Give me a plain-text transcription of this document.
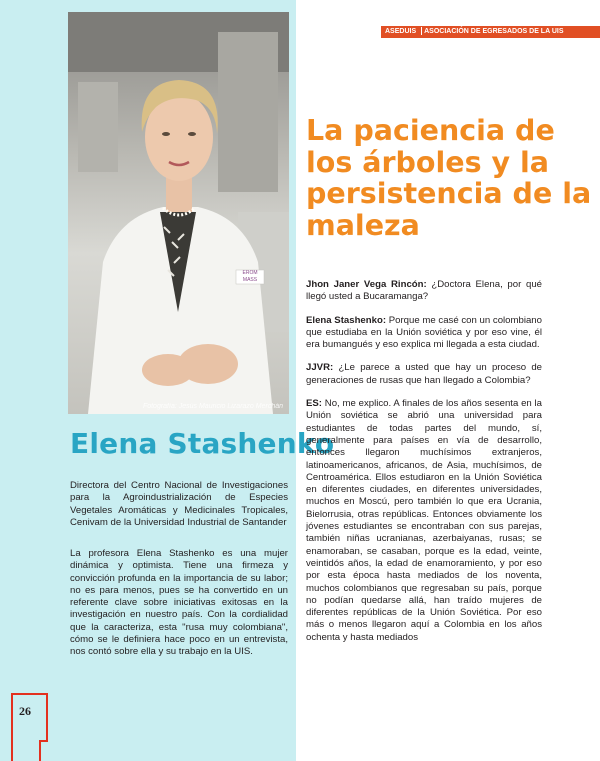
EROM MASS
Fotografía: Jesús Mauricio Lizarazo Merchán
Elena Stashenko
Directora del Centro Nacional de Investigaciones para la Agroindustrialización de Especies Vegetales Aromáticas y Medicinales Tropicales, Cenivam de la Universidad Industrial de Santander

La profesora Elena Stashenko es una mujer dinámica y optimista. Tiene una firmeza y convicción profunda en la importancia de su labor; no es para menos, pues se ha convertido en un referente clave sobre iniciativas exitosas en la investigación en nuestro país. Con la cordialidad que la caracteriza, esta "rusa muy colombiana", cómo se le definiera hace poco en un entrevista, nos contó sobre ella y su trabajo en la UIS.

ASEDUIS ASOCIACIÓN DE EGRESADOS DE LA UIS
La paciencia de los árboles y la persistencia de la maleza

Jhon Janer Vega Rincón: ¿Doctora Elena, por qué llegó usted a Bucaramanga?

Elena Stashenko: Porque me casé con un colombiano que estudiaba en la Unión soviética y por eso vine, él era bumangués y eso explica mi llegada a esta ciudad.

JJVR: ¿Le parece a usted que hay un proceso de generaciones de rusas que han llegado a Colombia?

ES: No, me explico. A finales de los años sesenta en la Unión soviética se abrió una universidad para estudiantes de todas partes del mundo, sí, generalmente para países en vía de desarrollo, entonces llegaron muchísimos extranjeros, latinoamericanos, africanos, de Asia, muchísimos, de Centroamérica. Ellos estudiaron en la Unión Soviética en diferentes ciudades, en diferentes universidades, muchos en Moscú, pero también lo que era Ucrania, Bielorrusia, otras repúblicas. Entonces obviamente los jóvenes estudiantes se encontraban con sus parejas, también niñas ucranianas, azerbaiyanas, rusas; se enamoraban, se casaban, porque es la edad, veinte, veintidós años, la edad de enamoramiento, y por eso por esta época hasta mediados de los noventa, muchos colombianos que regresaban su país, porque no podían quedarse allá, han traído mujeres de diferentes repúblicas de la Unión Soviética. Por eso más o menos llegaron aquí a Colombia en los años ochenta y hasta mediados

26
